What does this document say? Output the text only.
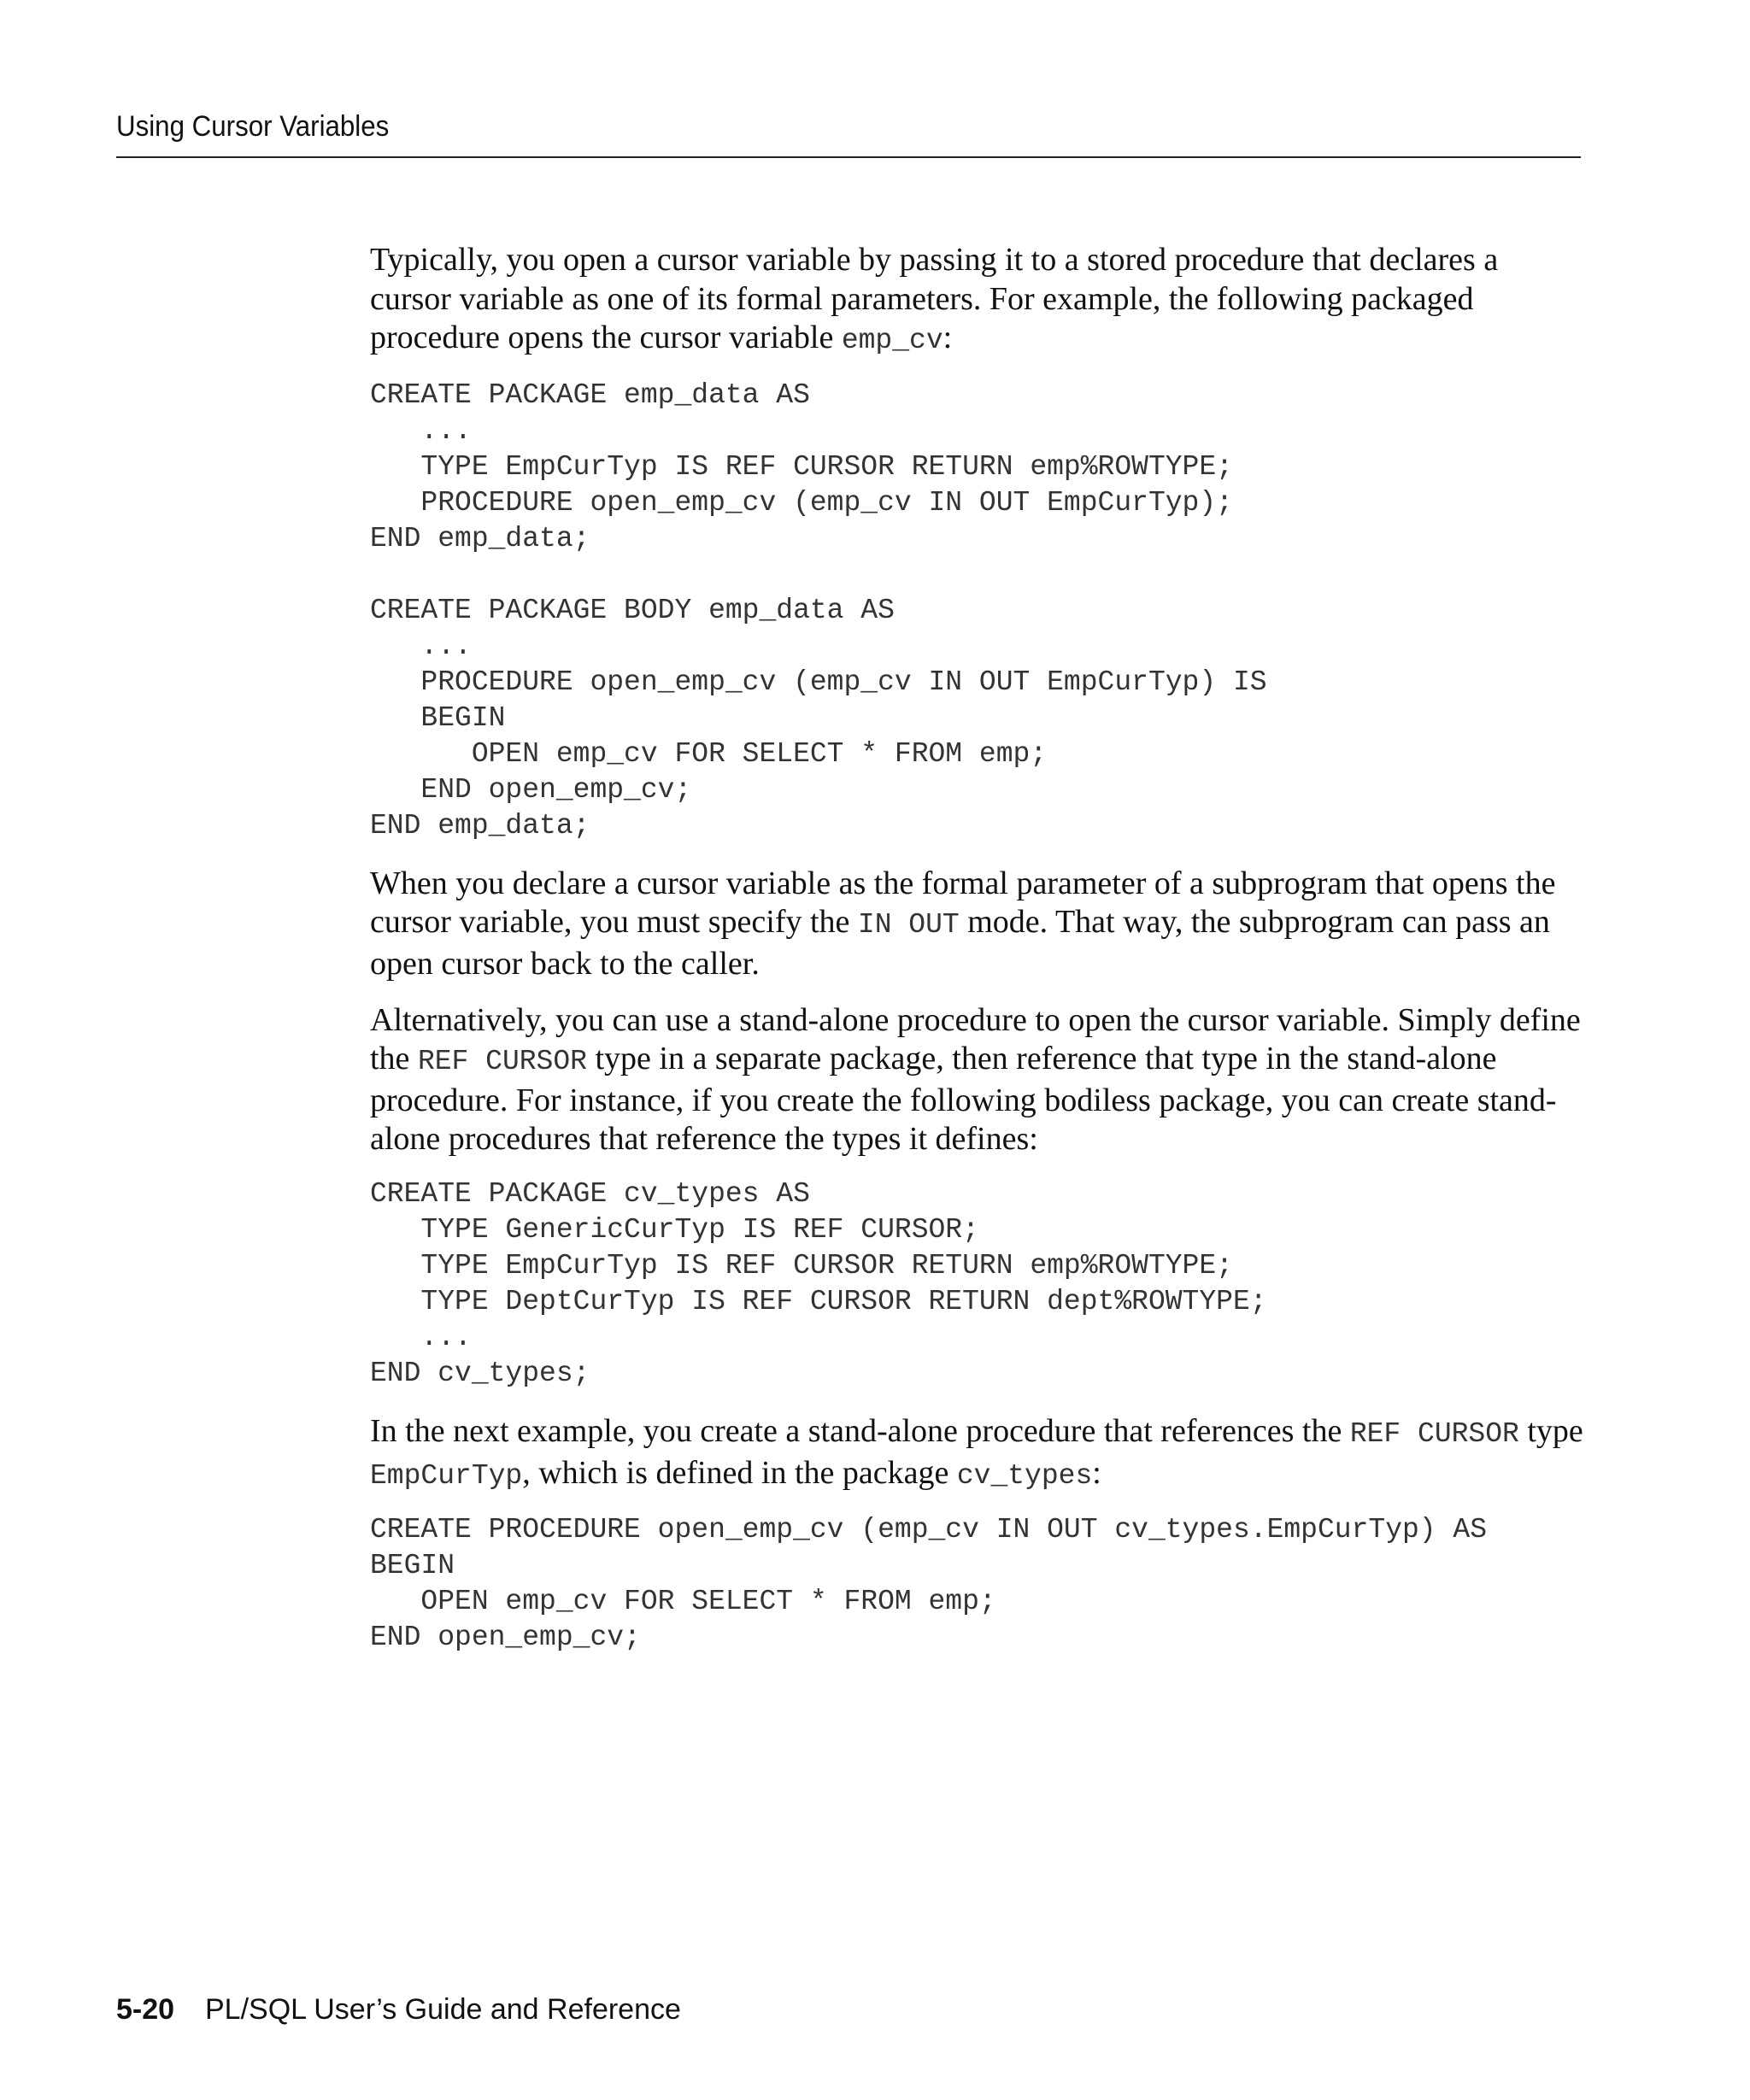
Using Cursor Variables

Typically, you open a cursor variable by passing it to a stored procedure that declares a cursor variable as one of its formal parameters. For example, the following packaged procedure opens the cursor variable emp_cv:

CREATE PACKAGE emp_data AS
...
TYPE EmpCurTyp IS REF CURSOR RETURN emp%ROWTYPE;
PROCEDURE open_emp_cv (emp_cv IN OUT EmpCurTyp);
END emp_data;
CREATE PACKAGE BODY emp_data AS
...
PROCEDURE open_emp_cv (emp_cv IN OUT EmpCurTyp) IS
BEGIN
OPEN emp_cv FOR SELECT * FROM emp;
END open_emp_cv;
END emp_data;

When you declare a cursor variable as the formal parameter of a subprogram that opens the cursor variable, you must specify the IN OUT mode. That way, the subprogram can pass an open cursor back to the caller.

Alternatively, you can use a stand-alone procedure to open the cursor variable. Simply define the REF CURSOR type in a separate package, then reference that type in the stand-alone procedure. For instance, if you create the following bodiless package, you can create stand-alone procedures that reference the types it defines:

CREATE PACKAGE cv_types AS
TYPE GenericCurTyp IS REF CURSOR;
TYPE EmpCurTyp IS REF CURSOR RETURN emp%ROWTYPE;
TYPE DeptCurTyp IS REF CURSOR RETURN dept%ROWTYPE;
...
END cv_types;

In the next example, you create a stand-alone procedure that references the REF CURSOR type EmpCurTyp, which is defined in the package cv_types:

CREATE PROCEDURE open_emp_cv (emp_cv IN OUT cv_types.EmpCurTyp) AS
BEGIN
OPEN emp_cv FOR SELECT * FROM emp;
END open_emp_cv;
5-20 PL/SQL User’s Guide and Reference
